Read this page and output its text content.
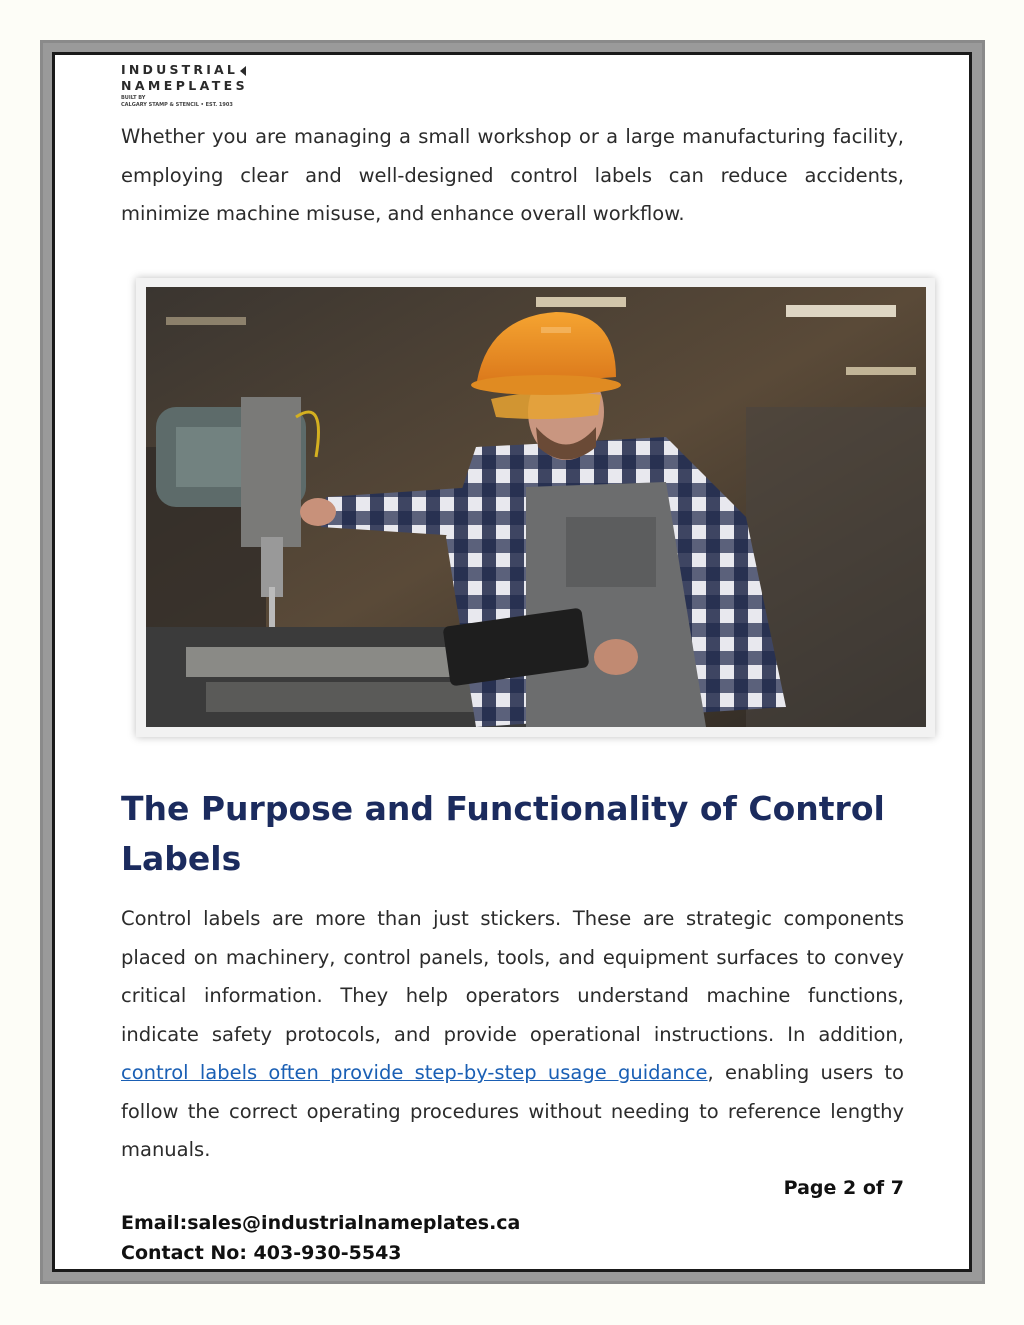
INDUSTRIAL
NAMEPLATES
BUILT BY
CALGARY STAMP & STENCIL • EST. 1903

Whether you are managing a small workshop or a large manufacturing facility, employing clear and well-designed control labels can reduce accidents, minimize machine misuse, and enhance overall workflow.

The Purpose and Functionality of Control Labels

Control labels are more than just stickers. These are strategic components placed on machinery, control panels, tools, and equipment surfaces to convey critical information. They help operators understand machine functions, indicate safety protocols, and provide operational instructions. In addition, control labels often provide step-by-step usage guidance, enabling users to follow the correct operating procedures without needing to reference lengthy manuals.

Page 2 of 7
Email:sales@industrialnameplates.ca
Contact No: 403-930-5543
